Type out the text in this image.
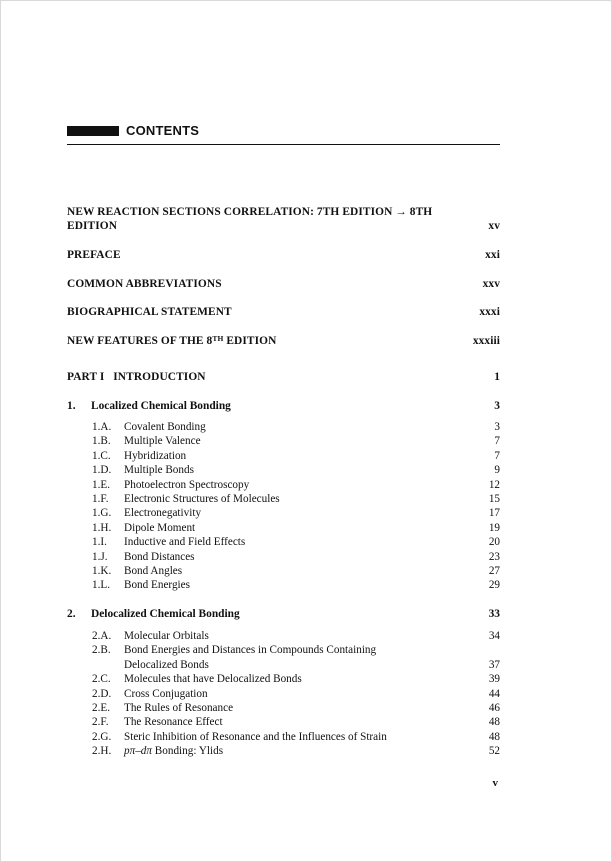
CONTENTS
NEW REACTION SECTIONS CORRELATION: 7TH EDITION → 8TH
EDITION	xv
PREFACE	xxi
COMMON ABBREVIATIONS	xxv
BIOGRAPHICAL STATEMENT	xxxi
NEW FEATURES OF THE 8TH EDITION	xxxiii
PART I   INTRODUCTION	1
1. Localized Chemical Bonding	3
1.A. Covalent Bonding	3
1.B. Multiple Valence	7
1.C. Hybridization	7
1.D. Multiple Bonds	9
1.E. Photoelectron Spectroscopy	12
1.F. Electronic Structures of Molecules	15
1.G. Electronegativity	17
1.H. Dipole Moment	19
1.I. Inductive and Field Effects	20
1.J. Bond Distances	23
1.K. Bond Angles	27
1.L. Bond Energies	29
2. Delocalized Chemical Bonding	33
2.A. Molecular Orbitals	34
2.B. Bond Energies and Distances in Compounds Containing
Delocalized Bonds	37
2.C. Molecules that have Delocalized Bonds	39
2.D. Cross Conjugation	44
2.E. The Rules of Resonance	46
2.F. The Resonance Effect	48
2.G. Steric Inhibition of Resonance and the Influences of Strain	48
2.H. pπ–dπ Bonding: Ylids	52
v
